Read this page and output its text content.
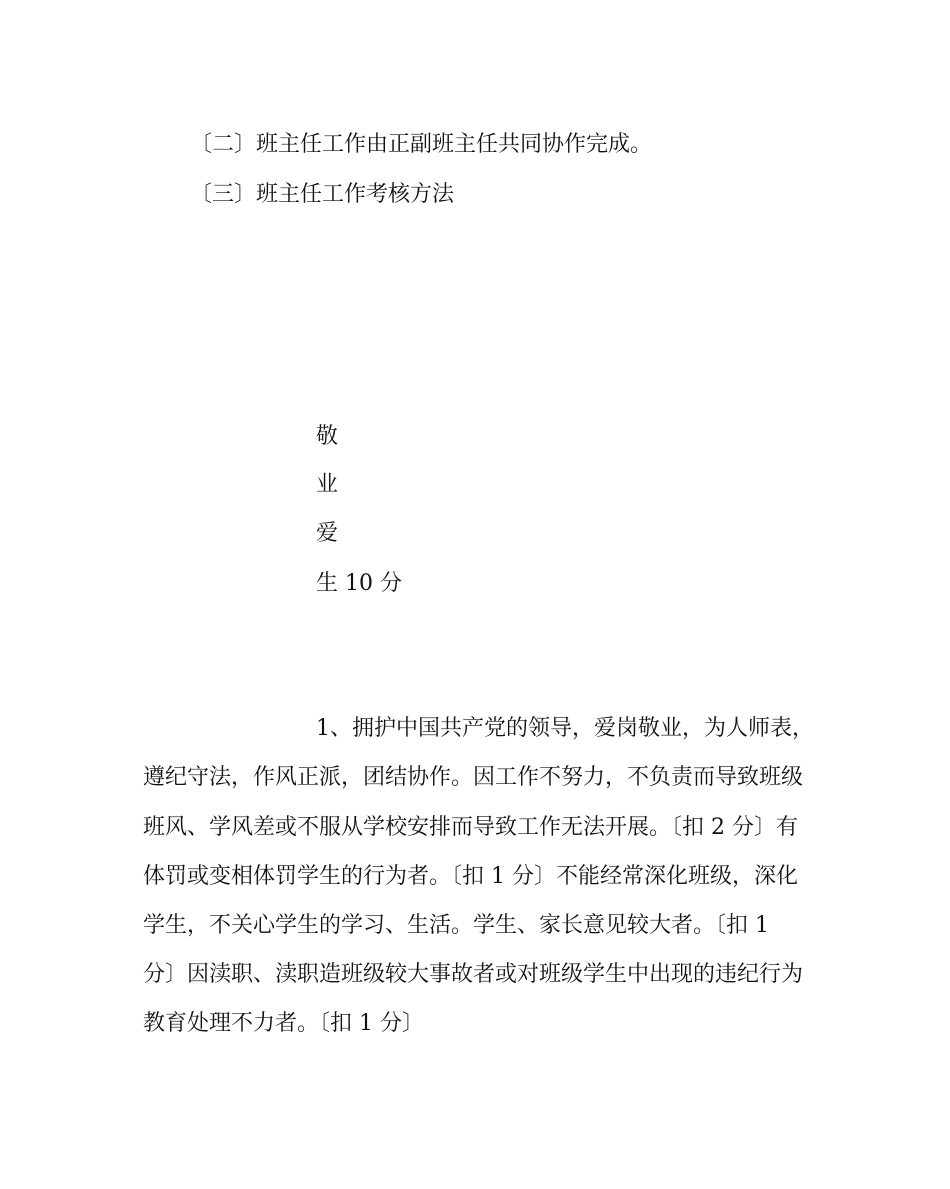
〔二〕班主任工作由正副班主任共同协作完成。

〔三〕班主任工作考核方法

敬

业

爱

生 10 分

1、拥护中国共产党的领导，爱岗敬业，为人师表，

遵纪守法，作风正派，团结协作。因工作不努力，不负责而导致班级

班风、学风差或不服从学校安排而导致工作无法开展。〔扣 2 分〕有

体罚或变相体罚学生的行为者。〔扣 1 分〕不能经常深化班级，深化

学生，不关心学生的学习、生活。学生、家长意见较大者。〔扣 1

分〕因渎职、渎职造班级较大事故者或对班级学生中出现的违纪行为

教育处理不力者。〔扣 1 分〕
